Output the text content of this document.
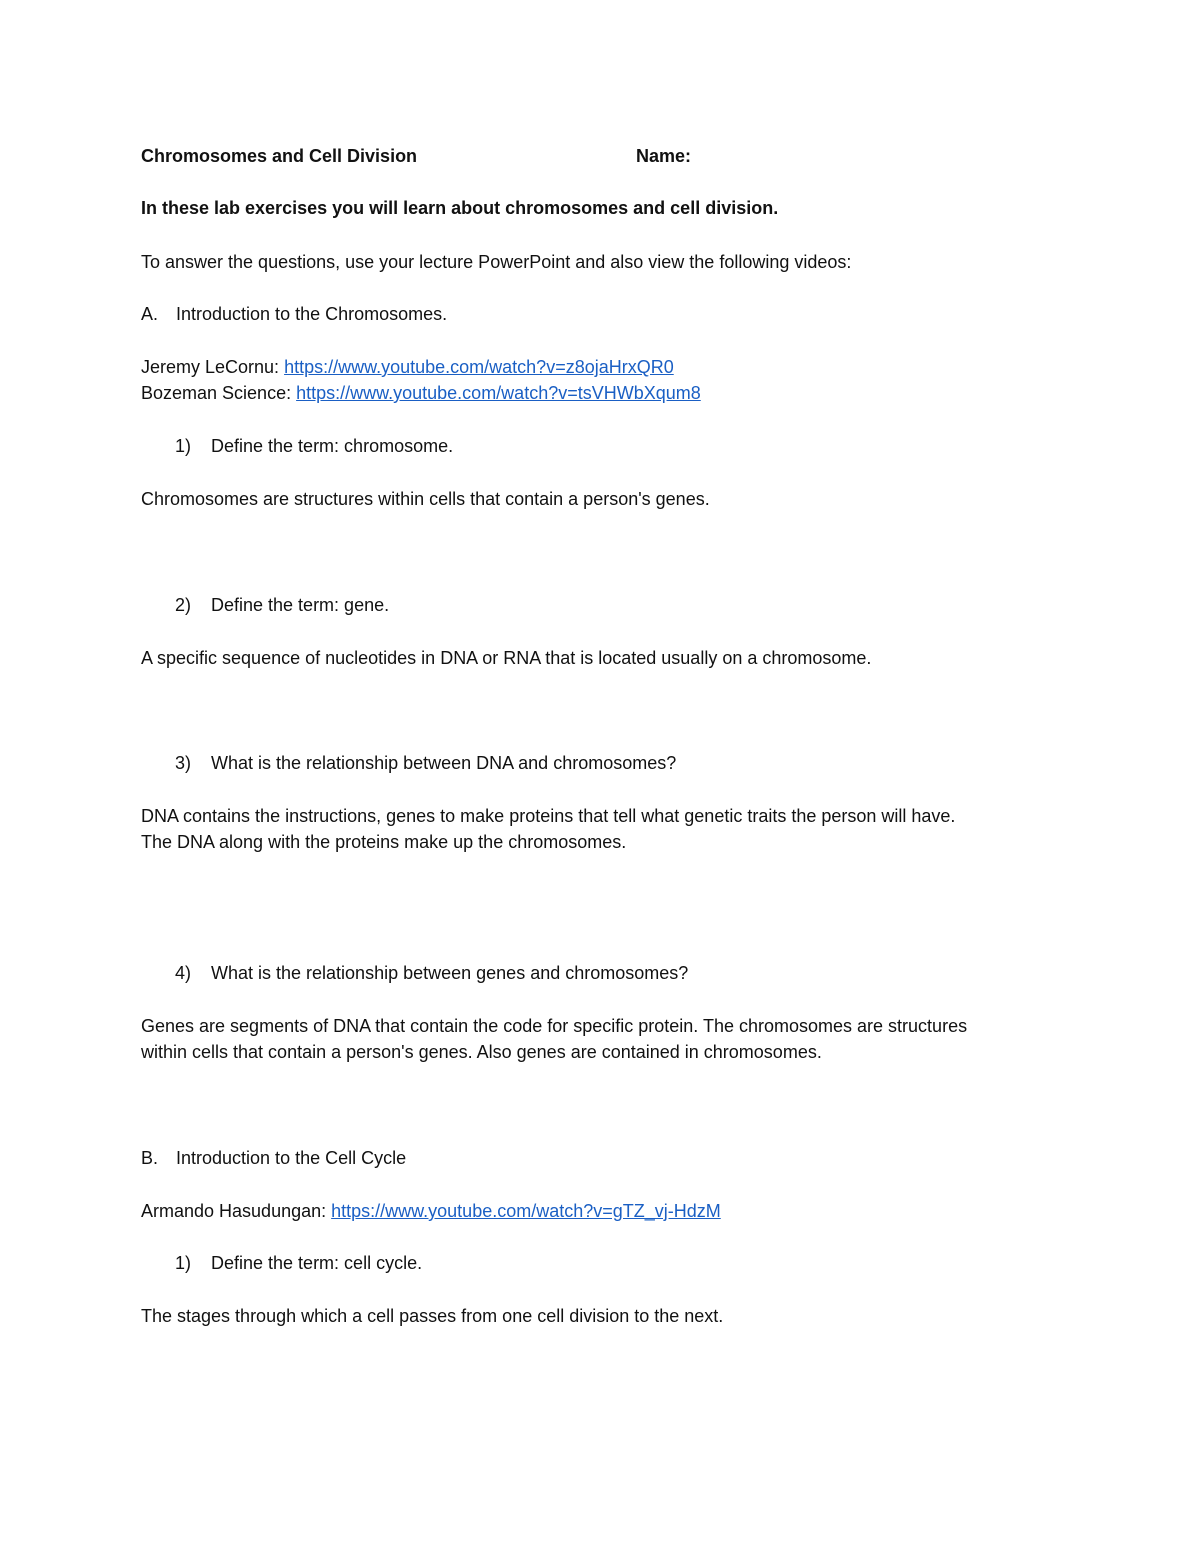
Chromosomes and Cell Division	Name:
In these lab exercises you will learn about chromosomes and cell division.
To answer the questions, use your lecture PowerPoint and also view the following videos:
A. Introduction to the Chromosomes.
Jeremy LeCornu: https://www.youtube.com/watch?v=z8ojaHrxQR0
Bozeman Science: https://www.youtube.com/watch?v=tsVHWbXqum8
1) Define the term: chromosome.
Chromosomes are structures within cells that contain a person's genes.
2) Define the term: gene.
A specific sequence of nucleotides in DNA or RNA that is located usually on a chromosome.
3) What is the relationship between DNA and chromosomes?
DNA contains the instructions, genes to make proteins that tell what genetic traits the person will have.
The DNA along with the proteins make up the chromosomes.
4) What is the relationship between genes and chromosomes?
Genes are segments of DNA that contain the code for specific protein. The chromosomes are structures
within cells that contain a person's genes. Also genes are contained in chromosomes.
B. Introduction to the Cell Cycle
Armando Hasudungan: https://www.youtube.com/watch?v=gTZ_vj-HdzM
1) Define the term: cell cycle.
The stages through which a cell passes from one cell division to the next.
